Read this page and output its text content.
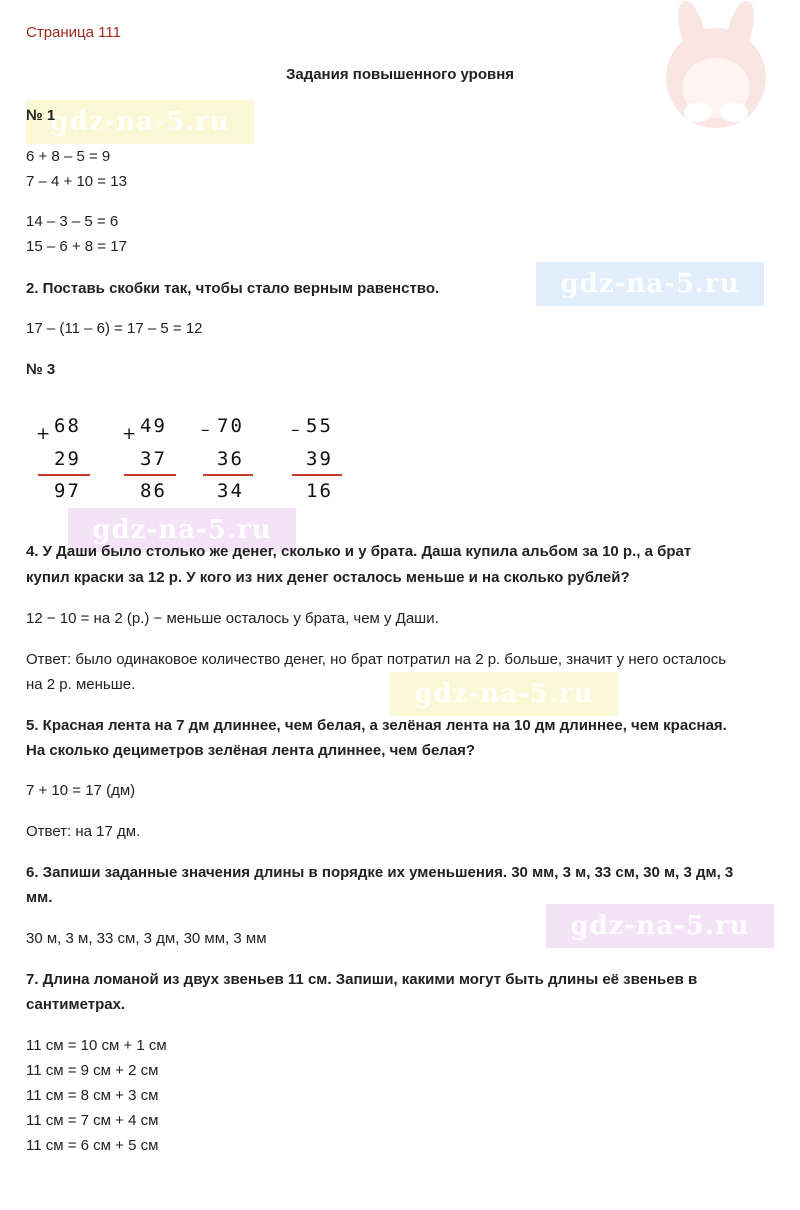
gdz-na-5.ru
gdz-na-5.ru
gdz-na-5.ru
gdz-na-5.ru
gdz-na-5.ru
Страница 111
Задания повышенного уровня
№ 1
6 + 8 – 5 = 9
7 – 4 + 10 = 13
14 – 3 – 5 = 6
15 – 6 + 8 = 17
2. Поставь скобки так, чтобы стало верным равенство.
17 – (11 – 6) = 17 – 5 = 12
№ 3
+ 68
29
97
+ 49
37
86
– 70
36
34
– 55
39
16
4. У Даши было столько же денег, сколько и у брата. Даша купила альбом за 10 р., а брат
купил краски за 12 р. У кого из них денег осталось меньше и на сколько рублей?
12 − 10 = на 2 (р.) − меньше осталось у брата, чем у Даши.
Ответ: было одинаковое количество денег, но брат потратил на 2 р. больше, значит у него осталось
на 2 р. меньше.
5. Красная лента на 7 дм длиннее, чем белая, а зелёная лента на 10 дм длиннее, чем красная.
На сколько дециметров зелёная лента длиннее, чем белая?
7 + 10 = 17 (дм)
Ответ: на 17 дм.
6. Запиши заданные значения длины в порядке их уменьшения. 30 мм, 3 м, 33 см, 30 м, 3 дм, 3
мм.
30 м, 3 м, 33 см, 3 дм, 30 мм, 3 мм
7. Длина ломаной из двух звеньев 11 см. Запиши, какими могут быть длины её звеньев в
сантиметрах.
11 см = 10 см + 1 см
11 см = 9 см + 2 см
11 см = 8 см + 3 см
11 см = 7 см + 4 см
11 см = 6 см + 5 см
